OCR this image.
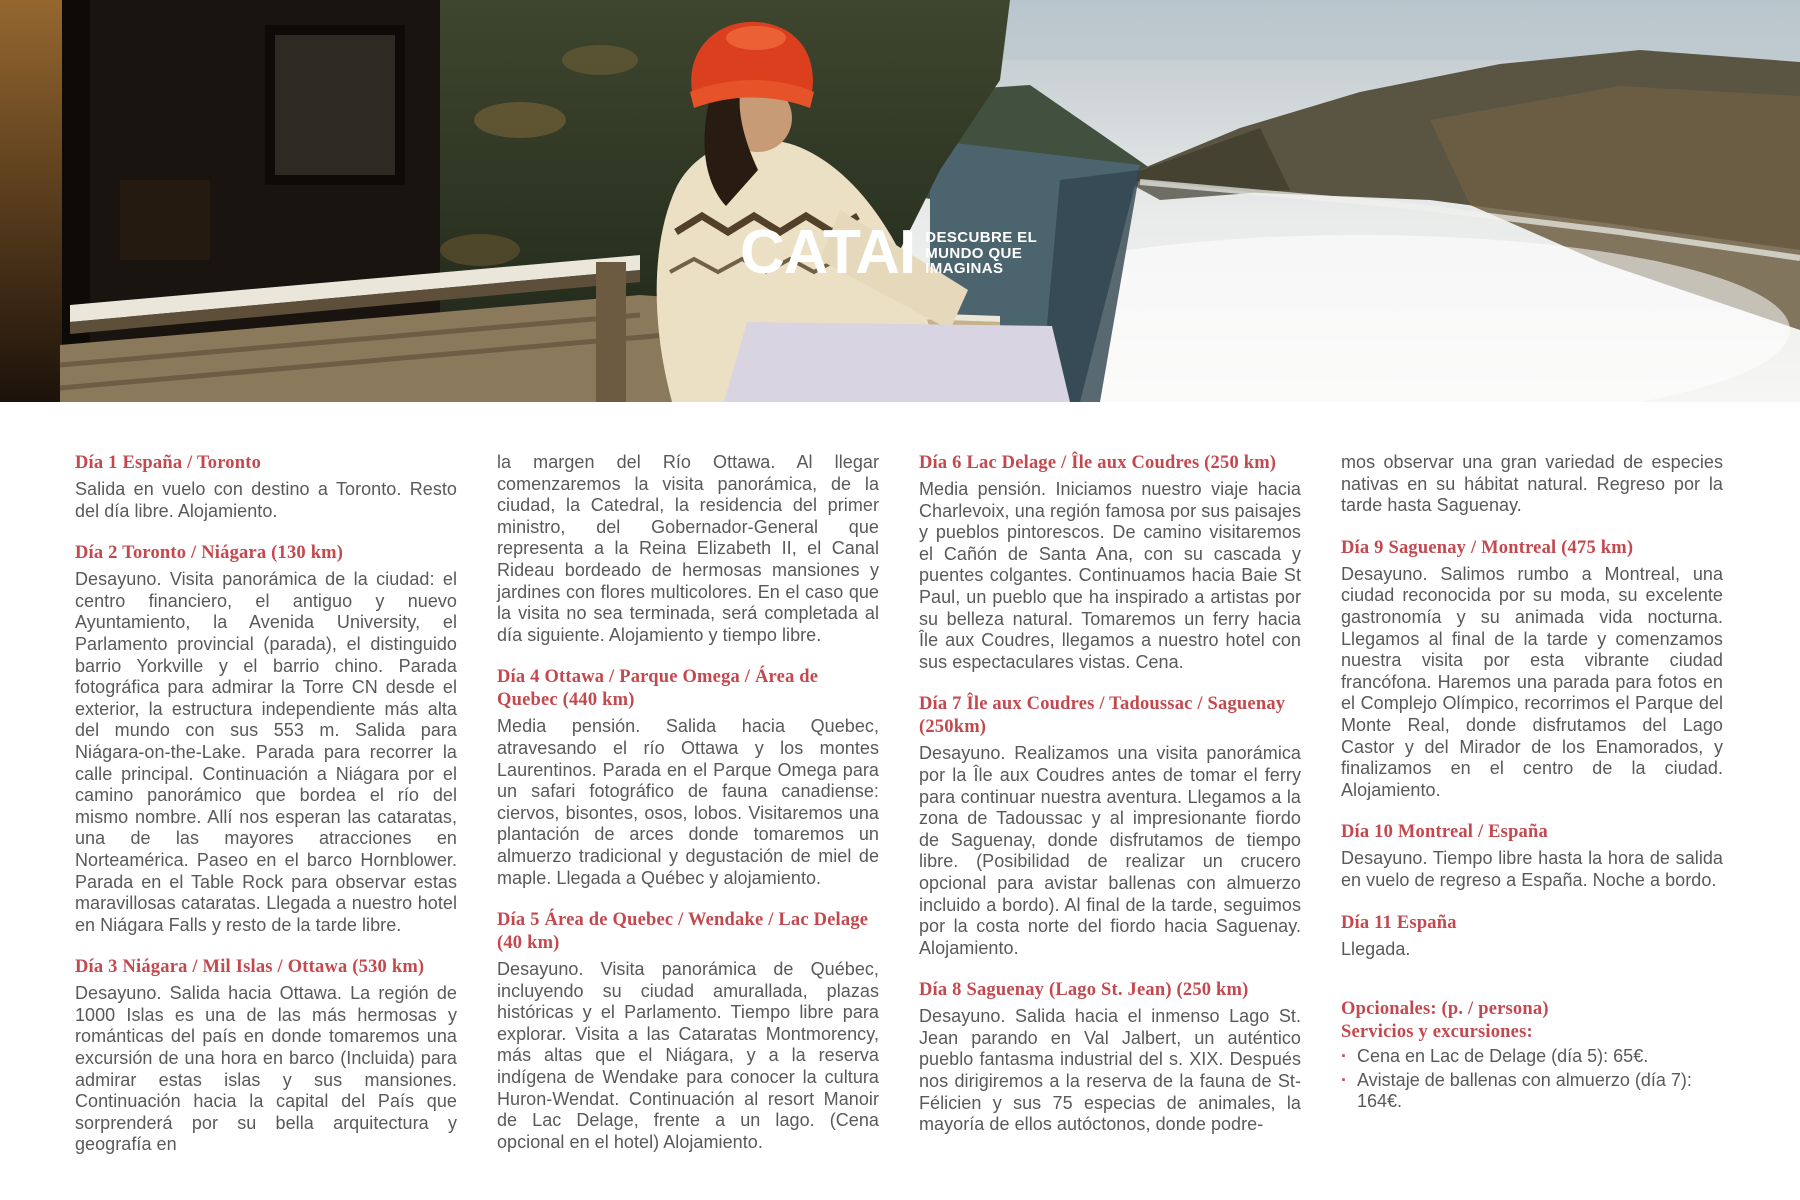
CATAI DESCUBRE EL
MUNDO QUE
IMAGINAS
Día 1 España / Toronto

Salida en vuelo con destino a Toronto. Resto del día libre. Alojamiento.

Día 2 Toronto / Niágara (130 km)

Desayuno. Visita panorámica de la ciudad: el centro financiero, el antiguo y nuevo Ayuntamiento, la Avenida University, el Parlamento provincial (parada), el distinguido barrio Yorkville y el barrio chino. Parada fotográfica para admirar la Torre CN desde el exterior, la estructura independiente más alta del mundo con sus 553 m. Salida para Niágara-on-the-Lake. Parada para recorrer la calle principal. Continuación a Niágara por el camino panorámico que bordea el río del mismo nombre. Allí nos esperan las cataratas, una de las mayores atracciones en Norteamérica. Paseo en el barco Hornblower. Parada en el Table Rock para observar estas maravillosas cataratas. Llegada a nuestro hotel en Niágara Falls y resto de la tarde libre.

Día 3 Niágara / Mil Islas / Ottawa (530 km)

Desayuno. Salida hacia Ottawa. La región de 1000 Islas es una de las más hermosas y románticas del país en donde tomaremos una excursión de una hora en barco (Incluida) para admirar estas islas y sus mansiones. Continuación hacia la capital del País que sorprenderá por su bella arquitectura y geografía en

la margen del Río Ottawa. Al llegar comenzaremos la visita panorámica, de la ciudad, la Catedral, la residencia del primer ministro, del Gobernador-General que representa a la Reina Elizabeth II, el Canal Rideau bordeado de hermosas mansiones y jardines con flores multicolores. En el caso que la visita no sea terminada, será completada al día siguiente. Alojamiento y tiempo libre.

Día 4 Ottawa / Parque Omega / Área de Quebec (440 km)

Media pensión. Salida hacia Quebec, atravesando el río Ottawa y los montes Laurentinos. Parada en el Parque Omega para un safari fotográfico de fauna canadiense: ciervos, bisontes, osos, lobos. Visitaremos una plantación de arces donde tomaremos un almuerzo tradicional y degustación de miel de maple. Llegada a Québec y alojamiento.

Día 5 Área de Quebec / Wendake / Lac Delage (40 km)

Desayuno. Visita panorámica de Québec, incluyendo su ciudad amurallada, plazas históricas y el Parlamento. Tiempo libre para explorar. Visita a las Cataratas Montmorency, más altas que el Niágara, y a la reserva indígena de Wendake para conocer la cultura Huron-Wendat. Continuación al resort Manoir de Lac Delage, frente a un lago. (Cena opcional en el hotel) Alojamiento.

Día 6 Lac Delage / Île aux Coudres (250 km)

Media pensión. Iniciamos nuestro viaje hacia Charlevoix, una región famosa por sus paisajes y pueblos pintorescos. De camino visitaremos el Cañón de Santa Ana, con su cascada y puentes colgantes. Continuamos hacia Baie St Paul, un pueblo que ha inspirado a artistas por su belleza natural. Tomaremos un ferry hacia Île aux Coudres, llegamos a nuestro hotel con sus espectaculares vistas. Cena.

Día 7 Île aux Coudres / Tadoussac / Saguenay (250km)

Desayuno. Realizamos una visita panorámica por la Île aux Coudres antes de tomar el ferry para continuar nuestra aventura. Llegamos a la zona de Tadoussac y al impresionante fiordo de Saguenay, donde disfrutamos de tiempo libre. (Posibilidad de realizar un crucero opcional para avistar ballenas con almuerzo incluido a bordo). Al final de la tarde, seguimos por la costa norte del fiordo hacia Saguenay. Alojamiento.

Día 8 Saguenay (Lago St. Jean) (250 km)

Desayuno. Salida hacia el inmenso Lago St. Jean parando en Val Jalbert, un auténtico pueblo fantasma industrial del s. XIX. Después nos dirigiremos a la reserva de la fauna de St-Félicien y sus 75 especias de animales, la mayoría de ellos autóctonos, donde podre-

mos observar una gran variedad de especies nativas en su hábitat natural. Regreso por la tarde hasta Saguenay.

Día 9 Saguenay / Montreal (475 km)

Desayuno. Salimos rumbo a Montreal, una ciudad reconocida por su moda, su excelente gastronomía y su animada vida nocturna. Llegamos al final de la tarde y comenzamos nuestra visita por esta vibrante ciudad francófona. Haremos una parada para fotos en el Complejo Olímpico, recorrimos el Parque del Monte Real, donde disfrutamos del Lago Castor y del Mirador de los Enamorados, y finalizamos en el centro de la ciudad. Alojamiento.

Día 10 Montreal / España

Desayuno. Tiempo libre hasta la hora de salida en vuelo de regreso a España. Noche a bordo.

Día 11 España

Llegada.

Opcionales: (p. / persona)
Servicios y excursiones:
· Cena en Lac de Delage (día 5): 65€.
· Avistaje de ballenas con almuerzo (día 7): 164€.
